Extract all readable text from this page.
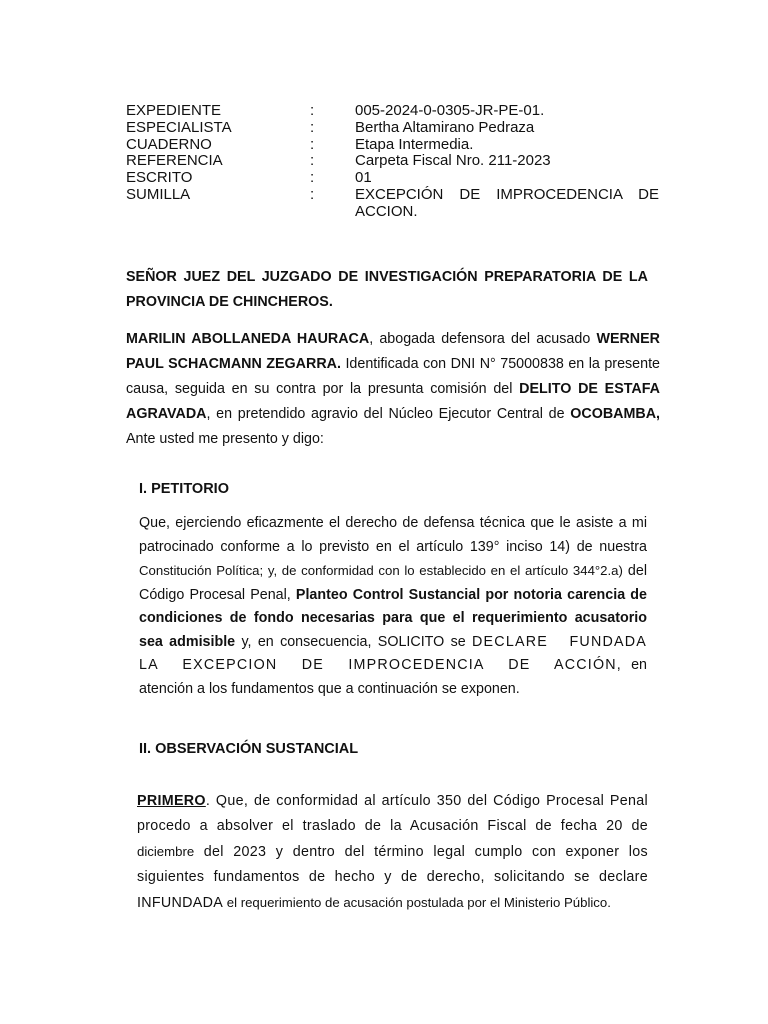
EXPEDIENTE	:	005-2024-0-0305-JR-PE-01.
ESPECIALISTA	:	Bertha Altamirano Pedraza
CUADERNO	:	Etapa Intermedia.
REFERENCIA	:	Carpeta Fiscal Nro. 211-2023
ESCRITO	:	01
SUMILLA	:	EXCEPCIÓN DE IMPROCEDENCIA DE ACCION.
SEÑOR JUEZ DEL JUZGADO DE INVESTIGACIÓN PREPARATORIA DE LA PROVINCIA DE CHINCHEROS.
MARILIN ABOLLANEDA HAURACA, abogada defensora del acusado WERNER PAUL SCHACMANN ZEGARRA. Identificada con DNI N° 75000838 en la presente causa, seguida en su contra por la presunta comisión del DELITO DE ESTAFA AGRAVADA, en pretendido agravio del Núcleo Ejecutor Central de OCOBAMBA, Ante usted me presento y digo:
I. PETITORIO
Que, ejerciendo eficazmente el derecho de defensa técnica que le asiste a mi patrocinado conforme a lo previsto en el artículo 139° inciso 14) de nuestra Constitución Política; y, de conformidad con lo establecido en el artículo 344°2.a) del Código Procesal Penal, Planteo Control Sustancial por notoria carencia de condiciones de fondo necesarias para que el requerimiento acusatorio sea admisible y, en consecuencia, SOLICITO se DECLARE FUNDADA LA EXCEPCION DE IMPROCEDENCIA DE ACCIÓN, en atención a los fundamentos que a continuación se exponen.
II. OBSERVACIÓN SUSTANCIAL
PRIMERO. Que, de conformidad al artículo 350 del Código Procesal Penal procedo a absolver el traslado de la Acusación Fiscal de fecha 20 de diciembre del 2023 y dentro del término legal cumplo con exponer los siguientes fundamentos de hecho y de derecho, solicitando se declare INFUNDADA el requerimiento de acusación postulada por el Ministerio Público.
